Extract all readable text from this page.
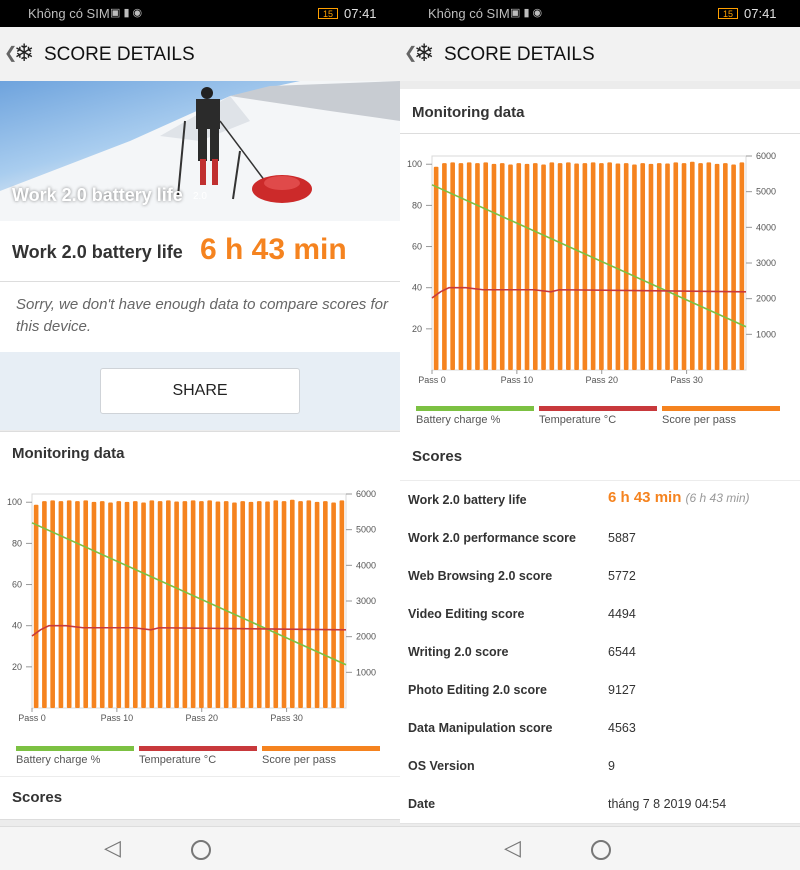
Không có SIM ▣ ▮ ◉	15 07:41
❮
❄ SCORE DETAILS
Work 2.0 battery life 2.0
Work 2.0 battery life 6 h 43 min
Sorry, we don't have enough data to compare scores for this device.
SHARE
Monitoring data
20
40
60
80
100
1000
2000
3000
4000
5000
6000
Pass 0	Pass 10	Pass 20	Pass 30
Battery charge %	Temperature °C	Score per pass
Scores
◁
Không có SIM ▣ ▮ ◉	15 07:41
❮
❄ SCORE DETAILS
Monitoring data
20
40
60
80
100
1000
2000
3000
4000
5000
6000
Pass 0	Pass 10	Pass 20	Pass 30
Battery charge %	Temperature °C	Score per pass
Scores
Work 2.0 battery life	6 h 43 min (6 h 43 min)
Work 2.0 performance score	5887
Web Browsing 2.0 score	5772
Video Editing score	4494
Writing 2.0 score	6544
Photo Editing 2.0 score	9127
Data Manipulation score	4563
OS Version	9
Date	tháng 7 8 2019 04:54
◁
